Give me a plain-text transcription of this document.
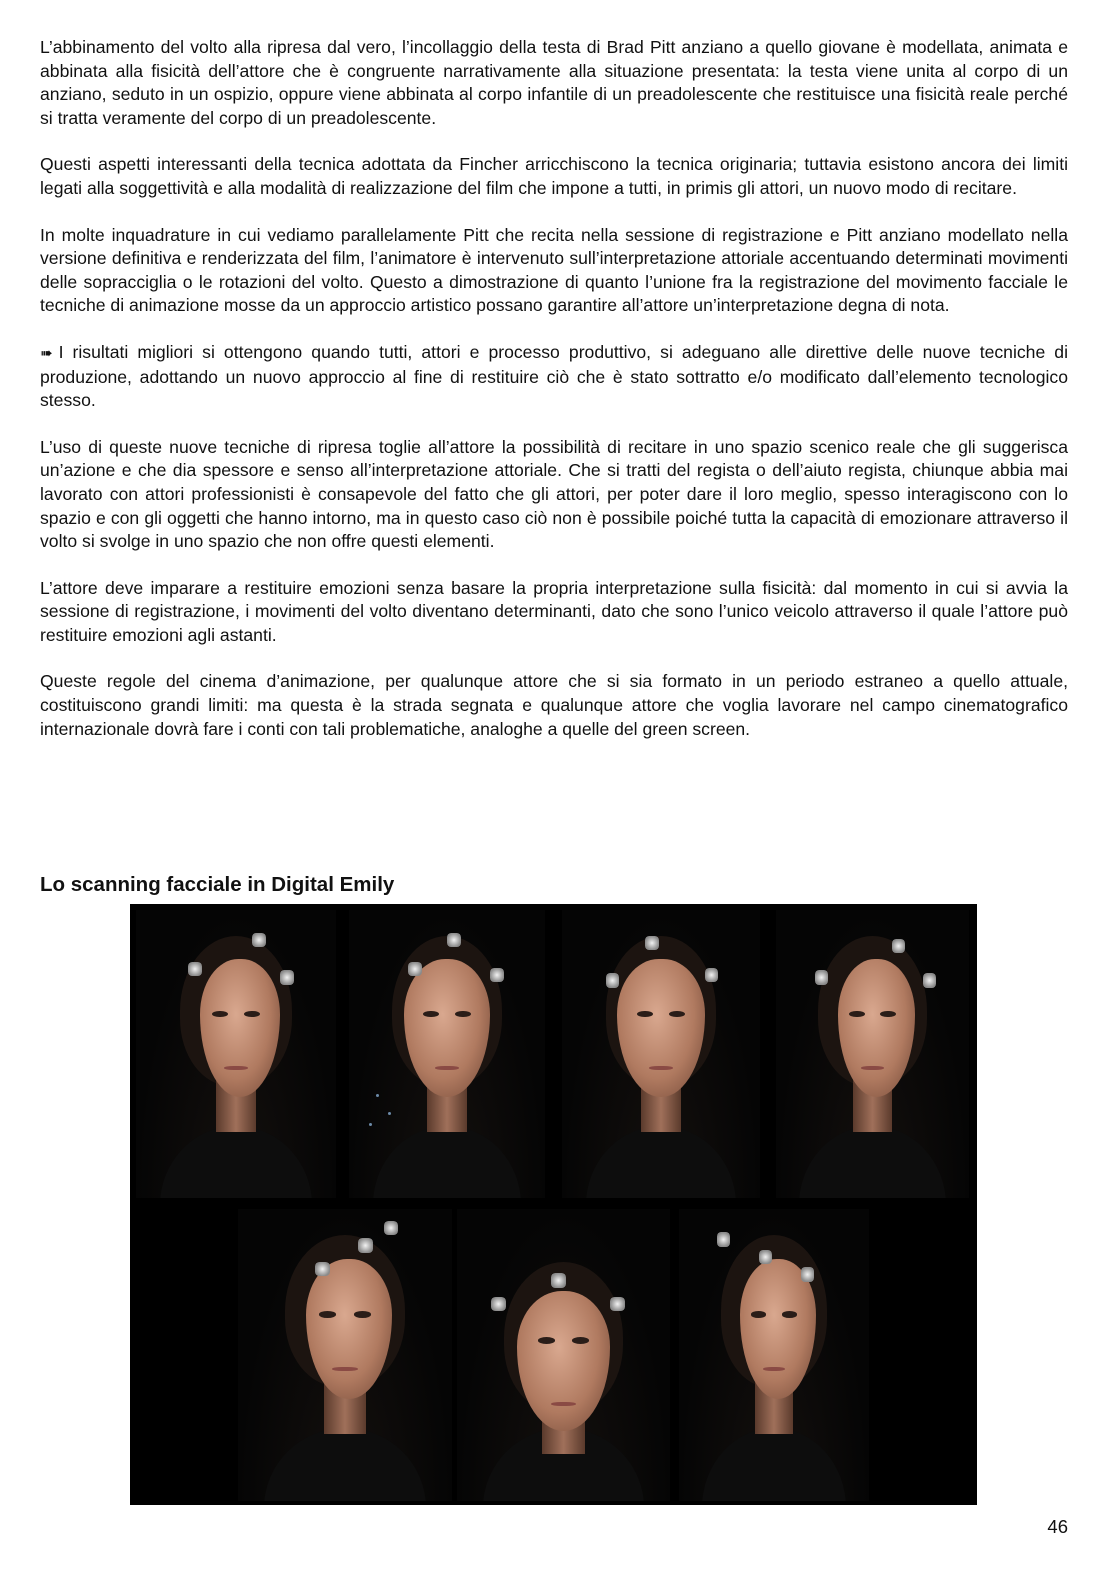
L’abbinamento del volto alla ripresa dal vero, l’incollaggio della testa di Brad Pitt anziano a quello giovane è modellata, animata e abbinata alla fisicità dell’attore che è congruente narrativamente alla situazione presentata: la testa viene unita al corpo di un anziano, seduto in un ospizio, oppure viene abbinata al corpo infantile di un preadolescente che restituisce una fisicità reale perché si tratta veramente del corpo di un preadolescente.

Questi aspetti interessanti della tecnica adottata da Fincher arricchiscono la tecnica originaria; tuttavia esistono ancora dei limiti legati alla soggettività e alla modalità di realizzazione del film che impone a tutti, in primis gli attori, un nuovo modo di recitare.

In molte inquadrature in cui vediamo parallelamente Pitt che recita nella sessione di registrazione e Pitt anziano modellato nella versione definitiva e renderizzata del film, l’animatore è intervenuto sull’interpretazione attoriale accentuando determinati movimenti delle sopracciglia o le rotazioni del volto. Questo a dimostrazione di quanto l’unione fra la registrazione del movimento facciale le tecniche di animazione mosse da un approccio artistico possano garantire all’attore un’interpretazione degna di nota.

➠ I risultati migliori si ottengono quando tutti, attori e processo produttivo, si adeguano alle direttive delle nuove tecniche di produzione, adottando un nuovo approccio al fine di restituire ciò che è stato sottratto e/o modificato dall’elemento tecnologico stesso.

L’uso di queste nuove tecniche di ripresa toglie all’attore la possibilità di recitare in uno spazio scenico reale che gli suggerisca un’azione e che dia spessore e senso all’interpretazione attoriale. Che si tratti del regista o dell’aiuto regista, chiunque abbia mai lavorato con attori professionisti è consapevole del fatto che gli attori, per poter dare il loro meglio, spesso interagiscono con lo spazio e con gli oggetti che hanno intorno, ma in questo caso ciò non è possibile poiché tutta la capacità di emozionare attraverso il volto si svolge in uno spazio che non offre questi elementi.

L’attore deve imparare a restituire emozioni senza basare la propria interpretazione sulla fisicità: dal momento in cui si avvia la sessione di registrazione, i movimenti del volto diventano determinanti, dato che sono l’unico veicolo attraverso il quale l’attore può restituire emozioni agli astanti.

Queste regole del cinema d’animazione, per qualunque attore che si sia formato in un periodo estraneo a quello attuale, costituiscono grandi limiti: ma questa è la strada segnata e qualunque attore che voglia lavorare nel campo cinematografico internazionale dovrà fare i conti con tali problematiche, analoghe a quelle del green screen.

Lo scanning facciale in Digital Emily
46
